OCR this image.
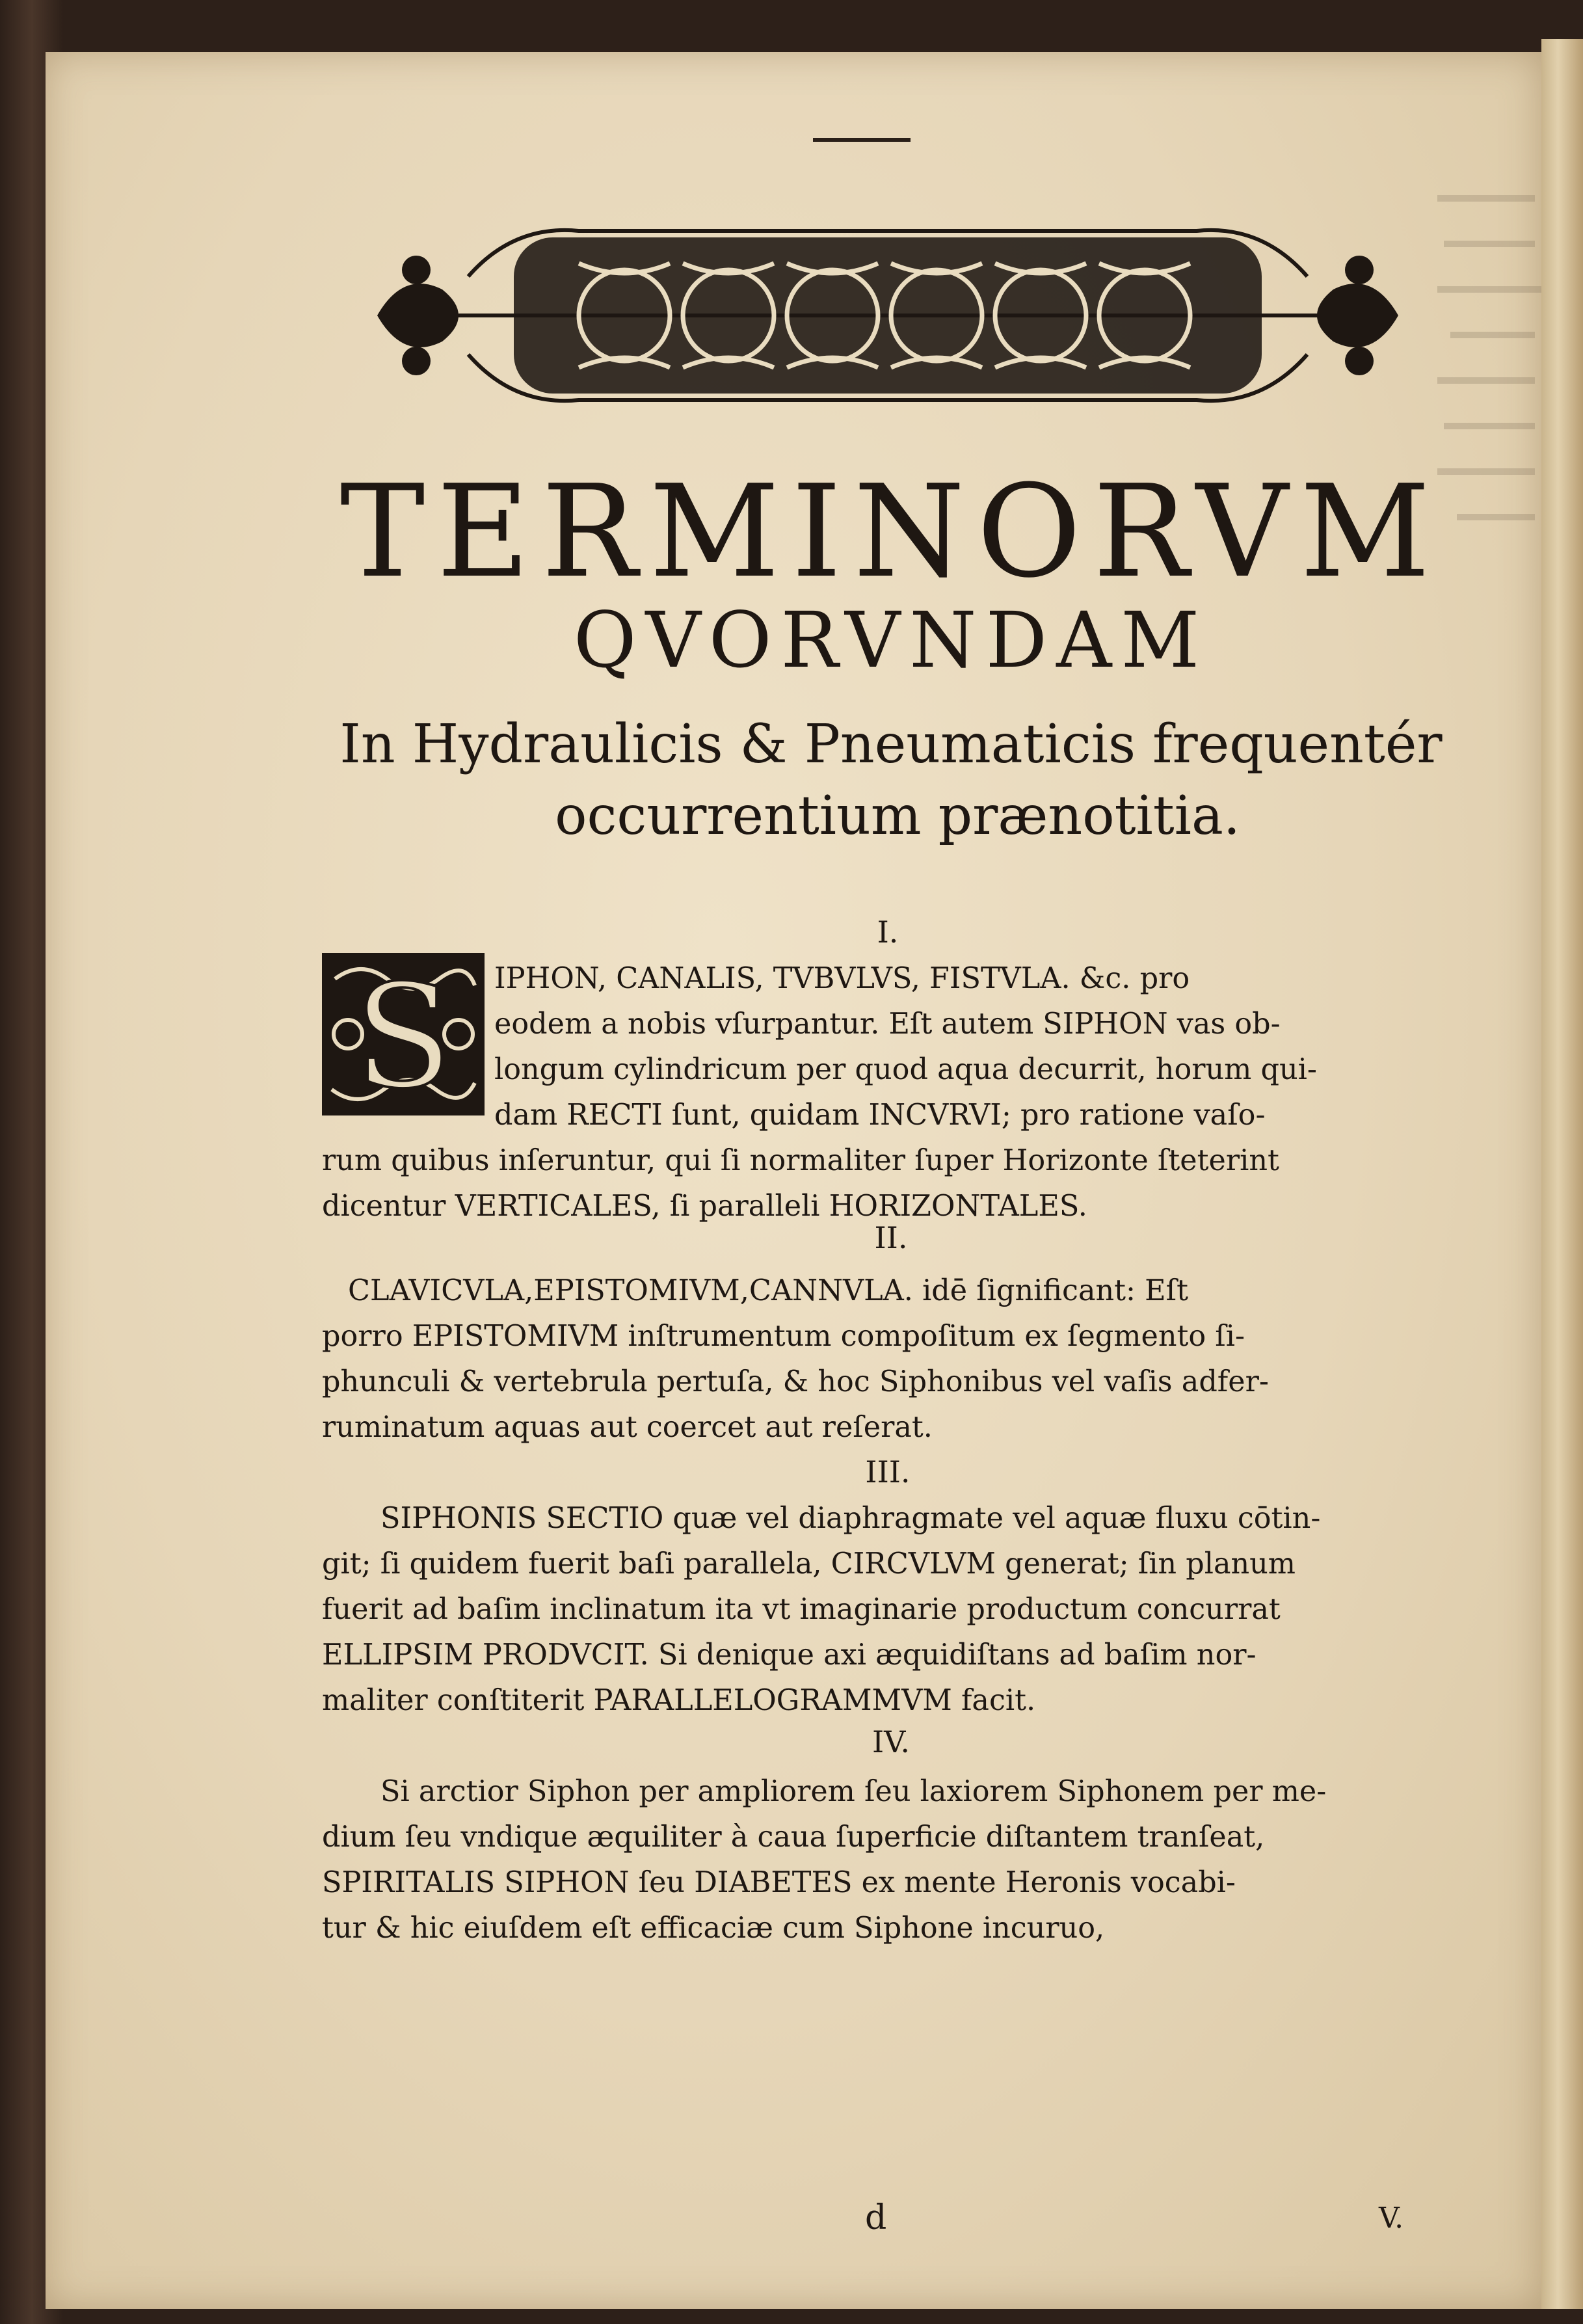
TERMINORVM
QVORVNDAM
In Hydraulicis & Pneumaticis frequentér
occurrentium prænotitia.
I.
S IPHON, CANALIS, TVBVLVS, FISTVLA. &c. pro
eodem a nobis vſurpantur. Eſt autem SIPHON vas ob-
longum cylindricum per quod aqua decurrit, horum qui-
dam RECTI ſunt, quidam INCVRVI; pro ratione vaſo-
rum quibus inſeruntur, qui ſi normaliter ſuper Horizonte ſteterint
dicentur VERTICALES, ſi paralleli HORIZONTALES.
II.
CLAVICVLA,EPISTOMIVM,CANNVLA. idē ſignificant: Eſt
porro EPISTOMIVM inſtrumentum compoſitum ex ſegmento ſi-
phunculi & vertebrula pertuſa, & hoc Siphonibus vel vaſis adfer-
ruminatum aquas aut coercet aut reſerat.
III.
SIPHONIS SECTIO quæ vel diaphragmate vel aquæ fluxu cōtin-
git; ſi quidem fuerit baſi parallela, CIRCVLVM generat; ſin planum
fuerit ad baſim inclinatum ita vt imaginarie productum concurrat
ELLIPSIM PRODVCIT. Si denique axi æquidiſtans ad baſim nor-
maliter conſtiterit PARALLELOGRAMMVM facit.
IV.
Si arctior Siphon per ampliorem ſeu laxiorem Siphonem per me-
dium ſeu vndique æquiliter à caua ſuperficie diſtantem tranſeat,
SPIRITALIS SIPHON ſeu DIABETES ex mente Heronis vocabi-
tur & hic eiuſdem eſt efficaciæ cum Siphone incuruo,
d	V.
